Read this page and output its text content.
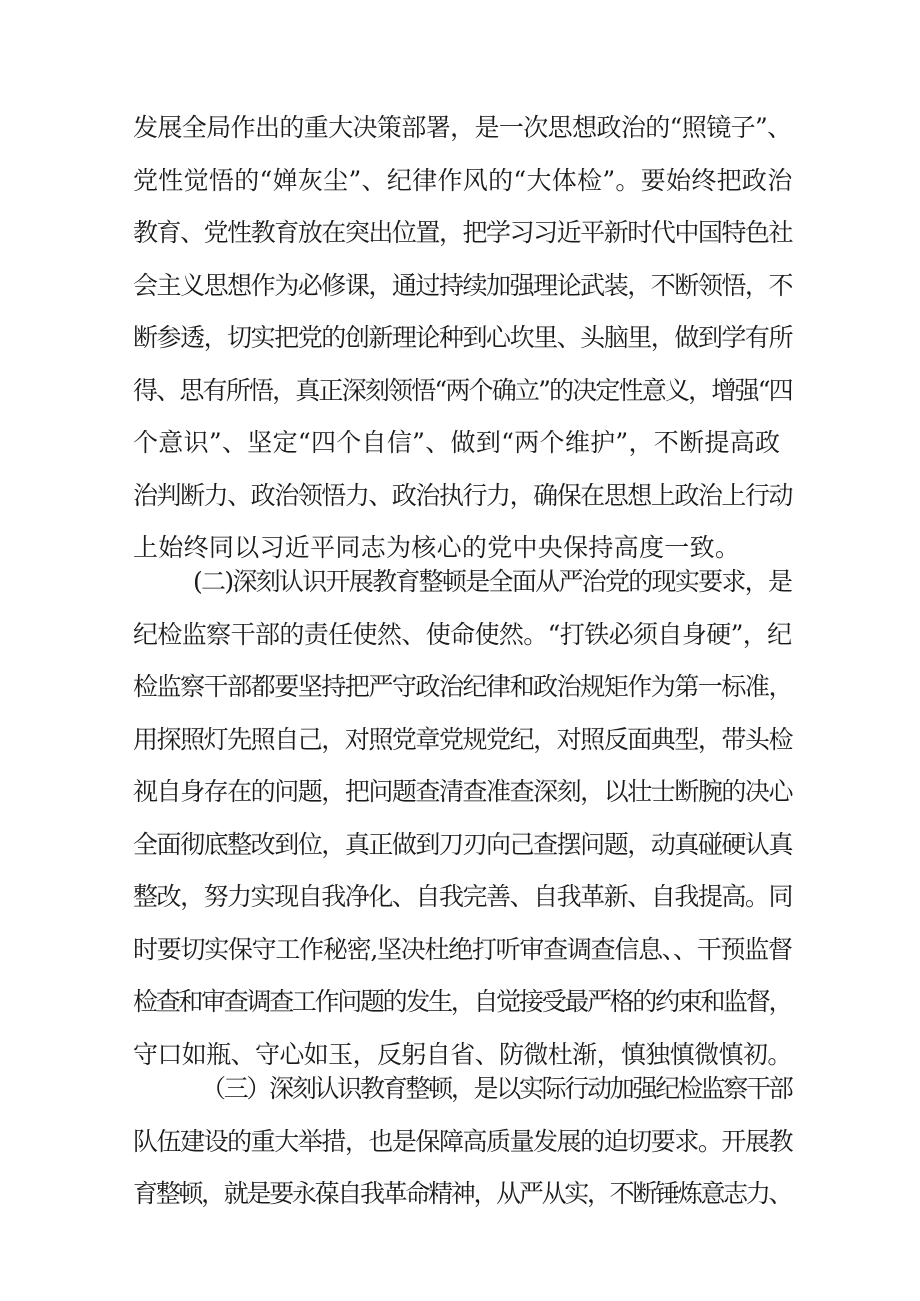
发展全局作出的重大决策部署，是一次思想政治的“照镜子”、
党性觉悟的“婵灰尘”、纪律作风的“大体检”。要始终把政治
教育、党性教育放在突出位置，把学习习近平新时代中国特色社
会主义思想作为必修课，通过持续加强理论武装，不断领悟，不
断参透，切实把党的创新理论种到心坎里、头脑里，做到学有所
得、思有所悟，真正深刻领悟“两个确立”的决定性意义，增强“四
个意识”、坚定“四个自信”、做到“两个维护”，不断提高政
治判断力、政治领悟力、政治执行力，确保在思想上政治上行动
上始终同以习近平同志为核心的党中央保持高度一致。
(二)深刻认识开展教育整顿是全面从严治党的现实要求，是
纪检监察干部的责任使然、使命使然。“打铁必须自身硬”，纪
检监察干部都要坚持把严守政治纪律和政治规矩作为第一标准，
用探照灯先照自己，对照党章党规党纪，对照反面典型，带头检
视自身存在的问题，把问题查清查准查深刻，以壮士断腕的决心
全面彻底整改到位，真正做到刀刃向己查摆问题，动真碰硬认真
整改，努力实现自我净化、自我完善、自我革新、自我提高。同
时要切实保守工作秘密,坚决杜绝打听审查调查信息、、干预监督
检查和审查调查工作问题的发生，自觉接受最严格的约束和监督，
守口如瓶、守心如玉，反躬自省、防微杜渐，慎独慎微慎初。
（三）深刻认识教育整顿，是以实际行动加强纪检监察干部
队伍建设的重大举措，也是保障高质量发展的迫切要求。开展教
育整顿，就是要永葆自我革命精神，从严从实，不断锤炼意志力、
